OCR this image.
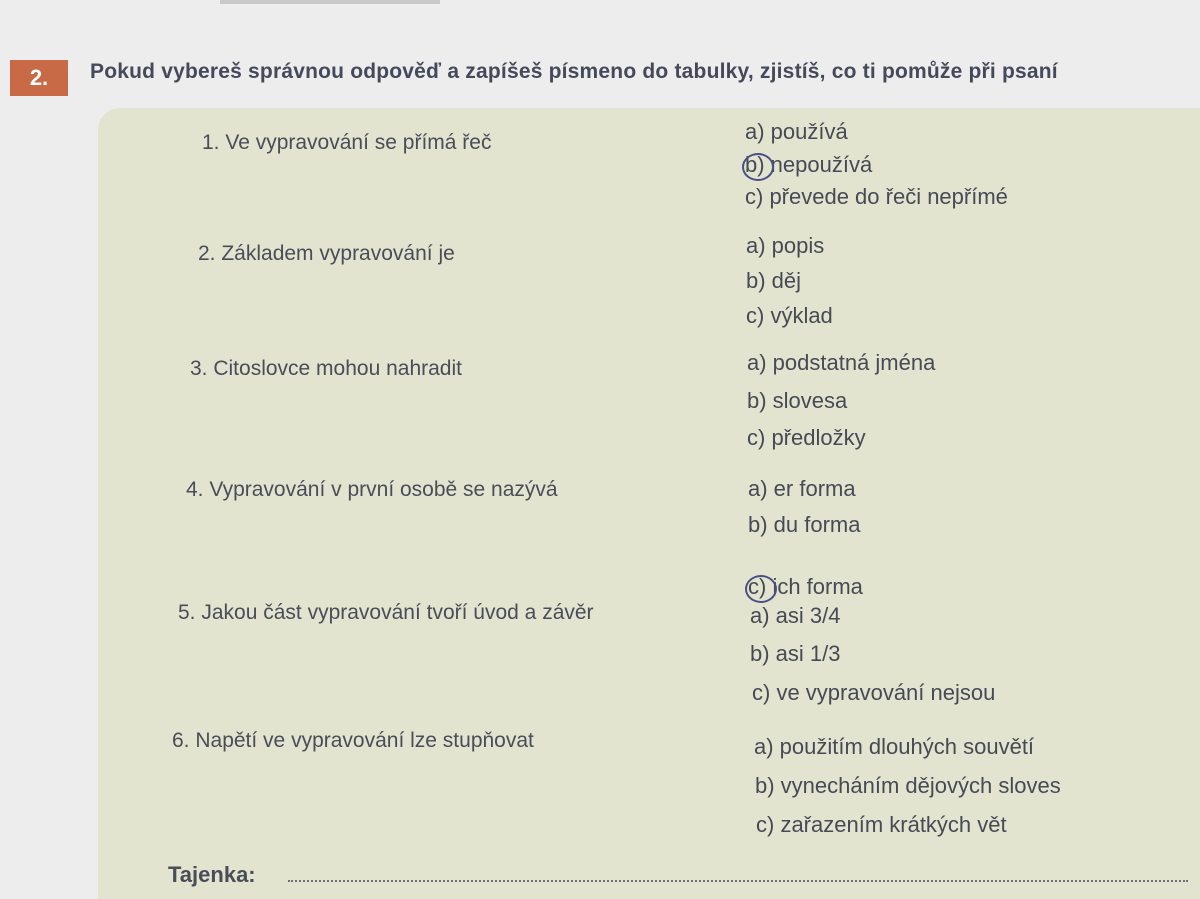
2.	Pokud vybereš správnou odpověď a zapíšeš písmeno do tabulky, zjistíš, co ti pomůže při psaní
1. Ve vypravování se přímá řeč	a) používá
b) nepoužívá
c) převede do řeči nepřímé
2. Základem vypravování je	a) popis
b) děj
c) výklad
3. Citoslovce mohou nahradit	a) podstatná jména
b) slovesa
c) předložky
4. Vypravování v první osobě se nazývá	a) er forma
b) du forma
c) ich forma
5. Jakou část vypravování tvoří úvod a závěr	a) asi 3/4
b) asi 1/3
c) ve vypravování nejsou
6. Napětí ve vypravování lze stupňovat	a) použitím dlouhých souvětí
b) vynecháním dějových sloves
c) zařazením krátkých vět
Tajenka:
